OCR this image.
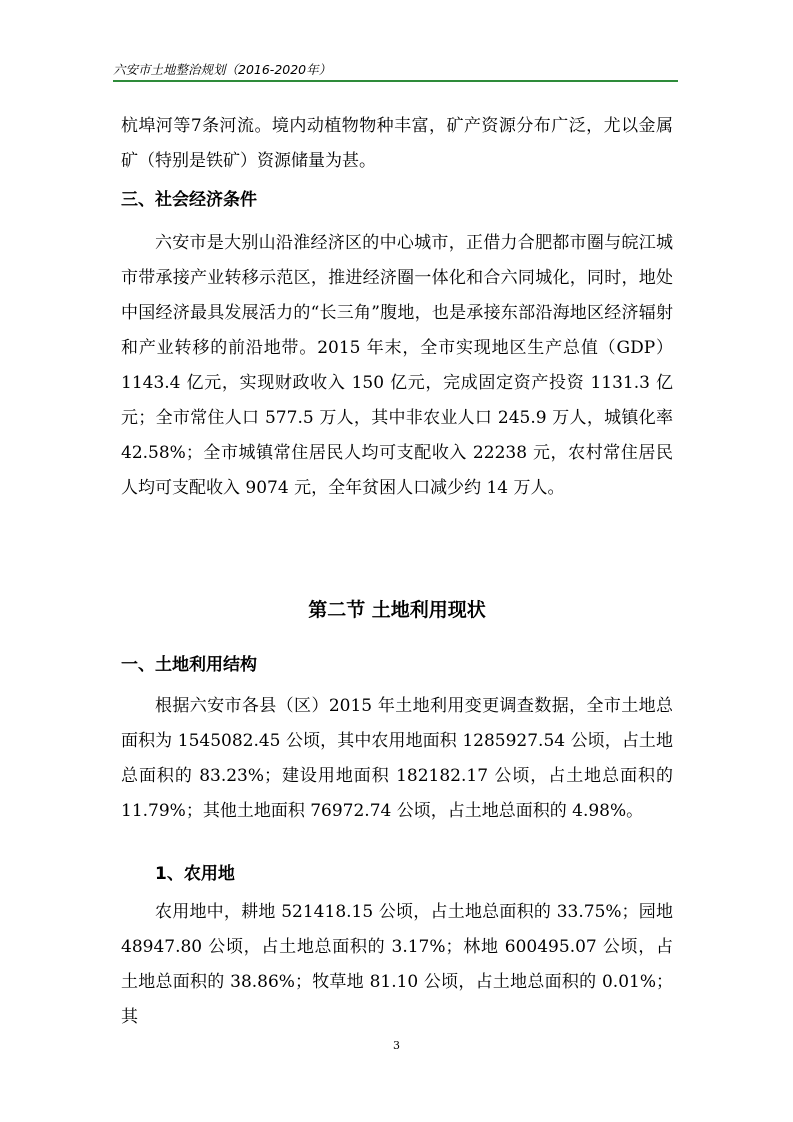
六安市土地整治规划（2016-2020年）

杭埠河等7条河流。境内动植物物种丰富，矿产资源分布广泛，尤以金属矿（特别是铁矿）资源储量为甚。

三、社会经济条件

六安市是大别山沿淮经济区的中心城市，正借力合肥都市圈与皖江城市带承接产业转移示范区，推进经济圈一体化和合六同城化，同时，地处中国经济最具发展活力的“长三角”腹地，也是承接东部沿海地区经济辐射和产业转移的前沿地带。2015 年末，全市实现地区生产总值（GDP）1143.4 亿元，实现财政收入 150 亿元，完成固定资产投资 1131.3 亿元；全市常住人口 577.5 万人，其中非农业人口 245.9 万人，城镇化率 42.58%；全市城镇常住居民人均可支配收入 22238 元，农村常住居民人均可支配收入 9074 元，全年贫困人口减少约 14 万人。

第二节 土地利用现状
一、土地利用结构

根据六安市各县（区）2015 年土地利用变更调查数据，全市土地总面积为 1545082.45 公顷，其中农用地面积 1285927.54 公顷，占土地总面积的 83.23%；建设用地面积 182182.17 公顷，占土地总面积的 11.79%；其他土地面积 76972.74 公顷，占土地总面积的 4.98%。

1、农用地

农用地中，耕地 521418.15 公顷，占土地总面积的 33.75%；园地 48947.80 公顷，占土地总面积的 3.17%；林地 600495.07 公顷，占土地总面积的 38.86%；牧草地 81.10 公顷，占土地总面积的 0.01%；其

3
